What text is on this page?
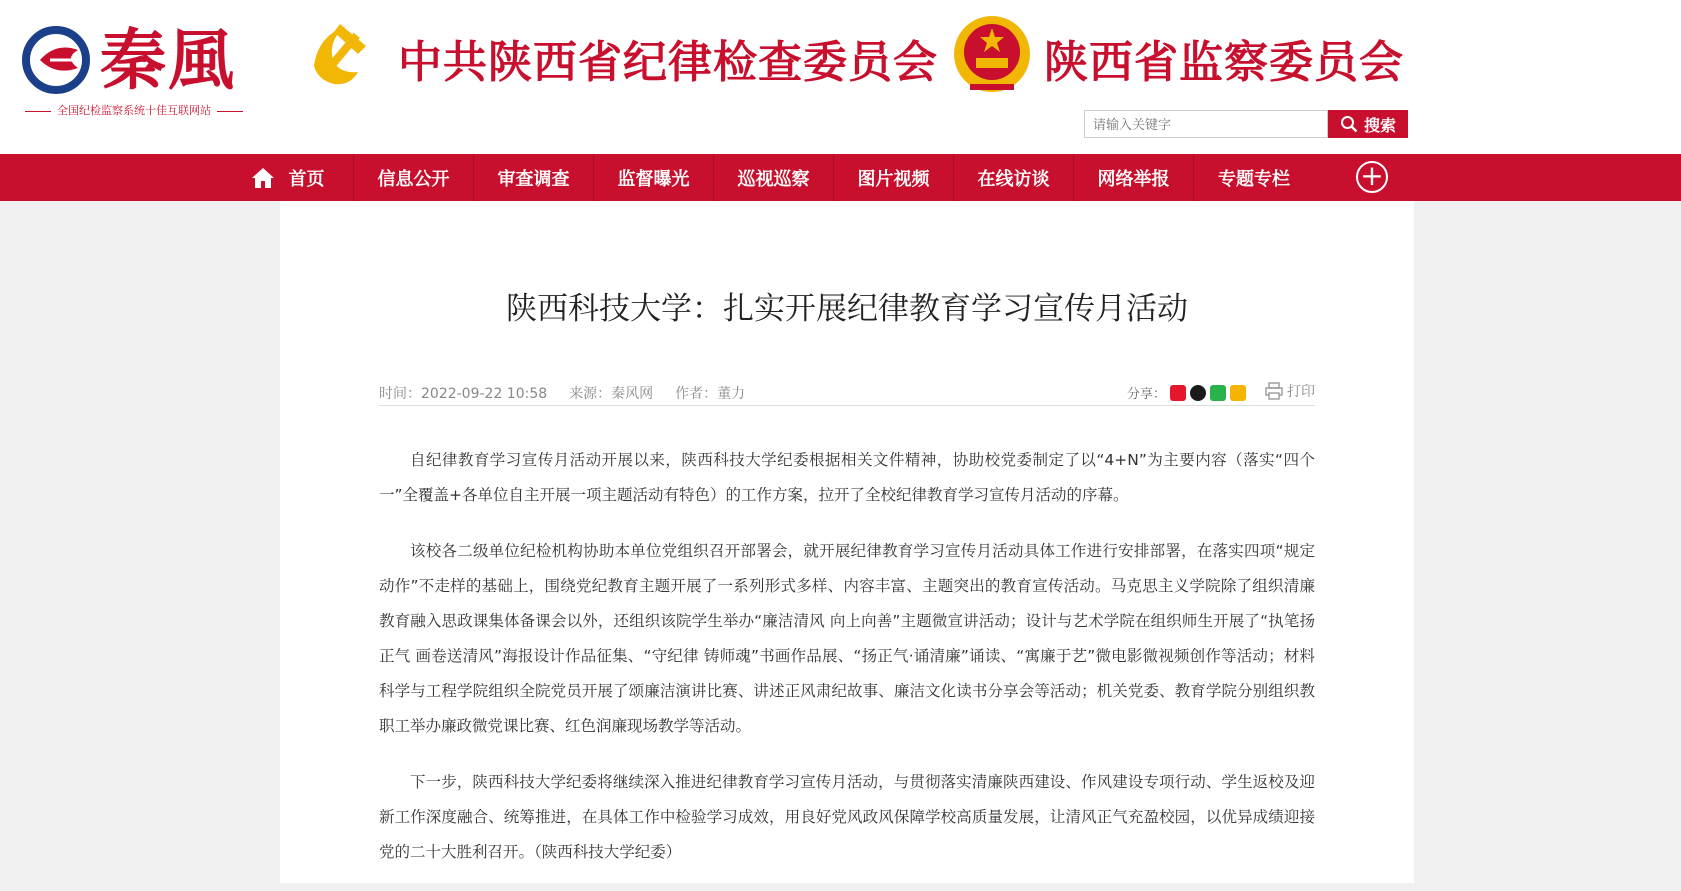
秦風
全国纪检监察系统十佳互联网站
中共陕西省纪律检查委员会 陕西省监察委员会
请输入关键字
搜索
首页	信息公开	审查调查	监督曝光	巡视巡察	图片视频	在线访谈	网络举报	专题专栏	+
陕西科技大学：扎实开展纪律教育学习宣传月活动
时间：2022-09-22 10:58 来源：秦风网 作者：董力	分享：	打印

自纪律教育学习宣传月活动开展以来，陕西科技大学纪委根据相关文件精神，协助校党委制定了以“4+N”为主要内容（落实“四个一”全覆盖+各单位自主开展一项主题活动有特色）的工作方案，拉开了全校纪律教育学习宣传月活动的序幕。

该校各二级单位纪检机构协助本单位党组织召开部署会，就开展纪律教育学习宣传月活动具体工作进行安排部署，在落实四项“规定动作”不走样的基础上，围绕党纪教育主题开展了一系列形式多样、内容丰富、主题突出的教育宣传活动。马克思主义学院除了组织清廉教育融入思政课集体备课会以外，还组织该院学生举办“廉洁清风 向上向善”主题微宣讲活动；设计与艺术学院在组织师生开展了“执笔扬正气 画卷送清风”海报设计作品征集、“守纪律 铸师魂”书画作品展、“扬正气·诵清廉”诵读、“寓廉于艺”微电影微视频创作等活动；材料科学与工程学院组织全院党员开展了颂廉洁演讲比赛、讲述正风肃纪故事、廉洁文化读书分享会等活动；机关党委、教育学院分别组织教职工举办廉政微党课比赛、红色润廉现场教学等活动。

下一步，陕西科技大学纪委将继续深入推进纪律教育学习宣传月活动，与贯彻落实清廉陕西建设、作风建设专项行动、学生返校及迎新工作深度融合、统筹推进，在具体工作中检验学习成效，用良好党风政风保障学校高质量发展，让清风正气充盈校园，以优异成绩迎接党的二十大胜利召开。（陕西科技大学纪委）
